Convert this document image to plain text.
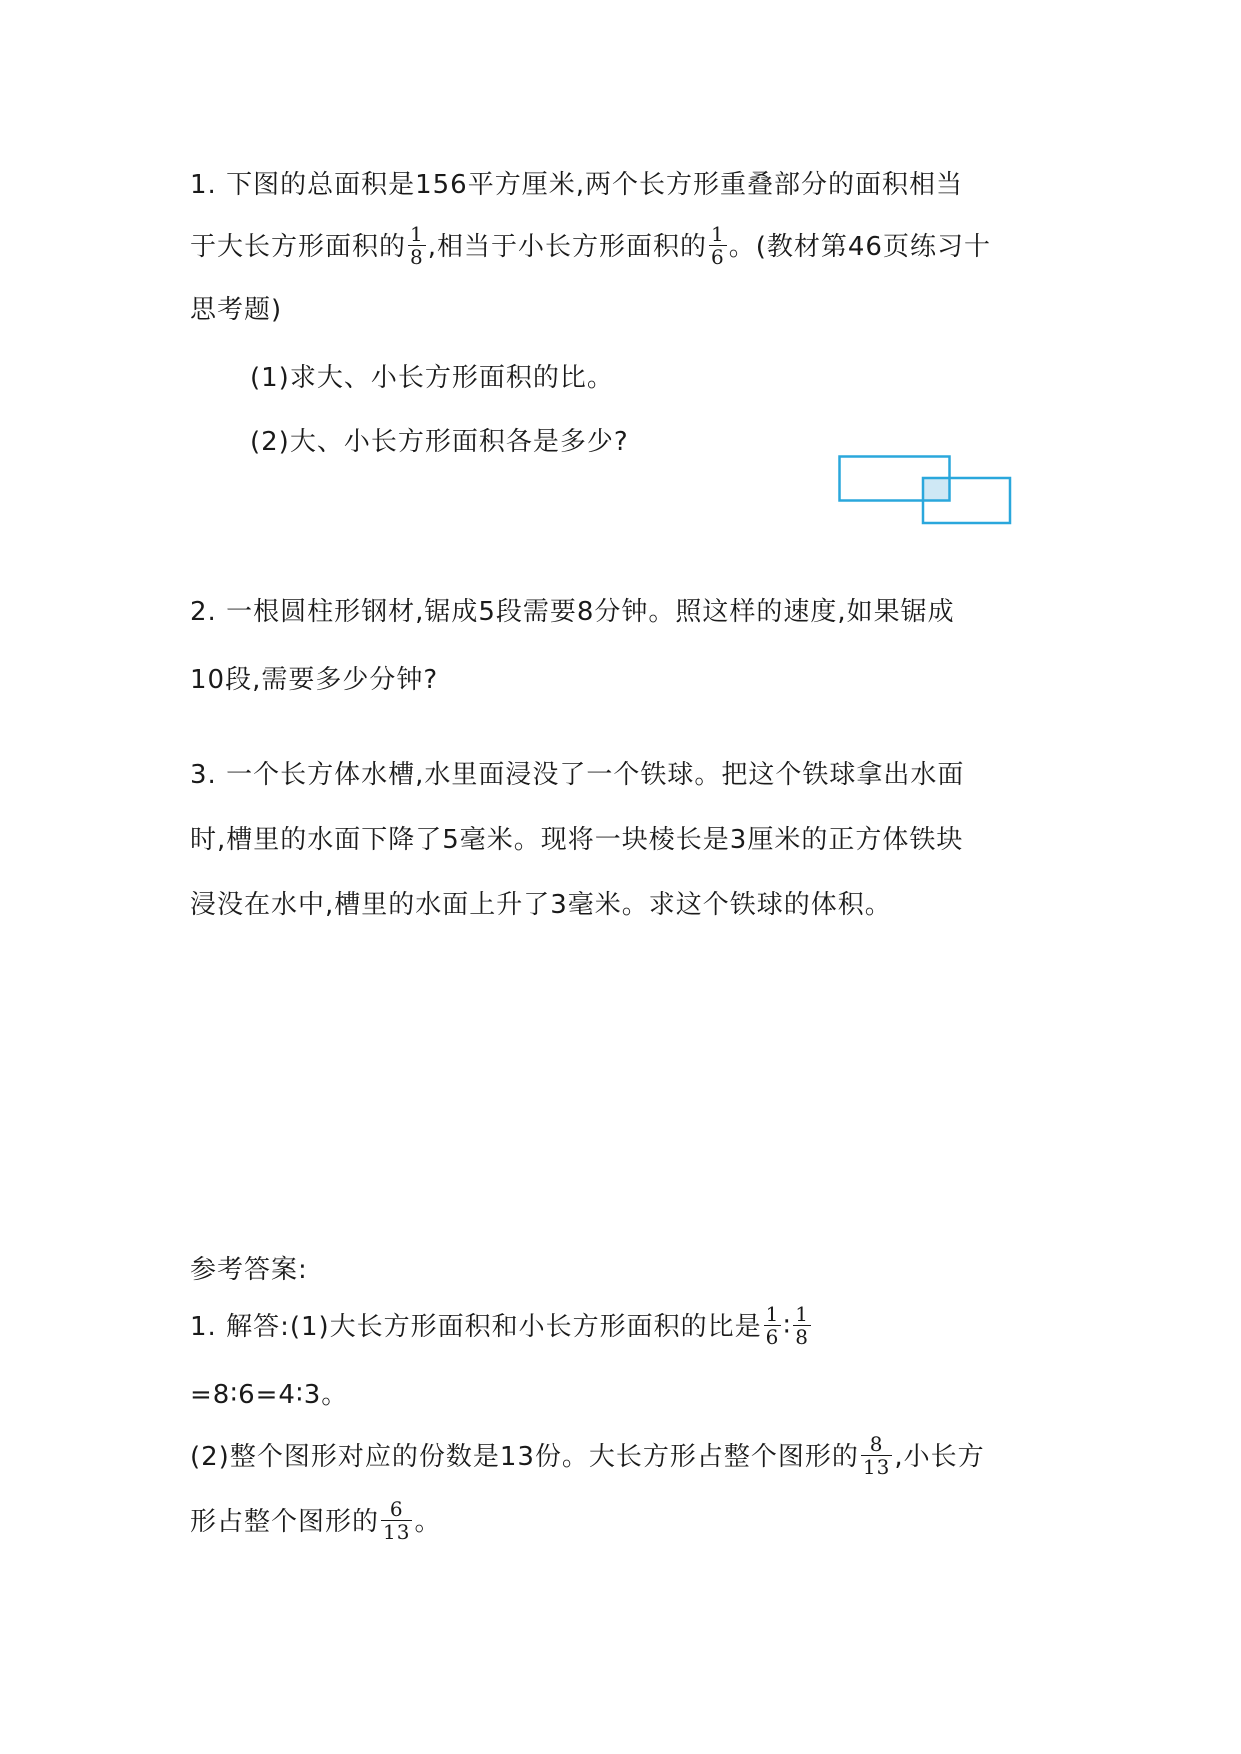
1. 下图的总面积是156平方厘米,两个长方形重叠部分的面积相当
于大长方形面积的 $\frac{1}{8}$ ,相当于小长方形面积的 $\frac{1}{6}$ 。(教材第46页练习十
思考题)
(1)求大、小长方形面积的比。
(2)大、小长方形面积各是多少?
2. 一根圆柱形钢材,锯成5段需要8分钟。照这样的速度,如果锯成
10段,需要多少分钟?
3. 一个长方体水槽,水里面浸没了一个铁球。把这个铁球拿出水面
时,槽里的水面下降了5毫米。现将一块棱长是3厘米的正方体铁块
浸没在水中,槽里的水面上升了3毫米。求这个铁球的体积。
参考答案:
1. 解答:(1)大长方形面积和小长方形面积的比是 $\frac{1}{6}$ ∶ $\frac{1}{8}$
=8∶6=4∶3。
(2)整个图形对应的份数是13份。大长方形占整个图形的 $\frac{8}{13}$ ,小长方
形占整个图形的 $\frac{6}{13}$ 。
